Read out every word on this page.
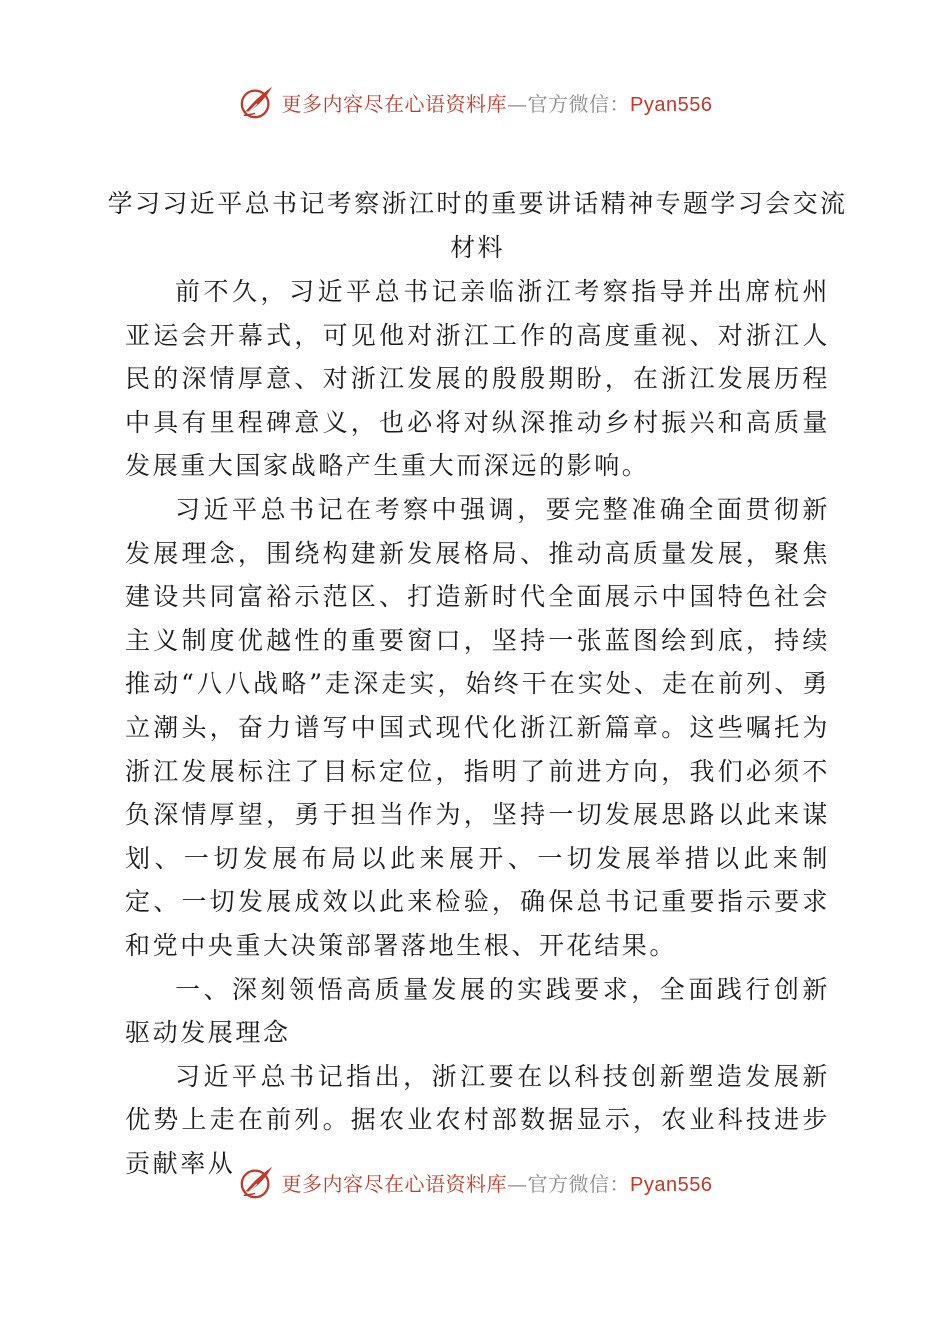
更多内容尽在心语资料库—官方微信：Pyan556
学习习近平总书记考察浙江时的重要讲话精神专题学习会交流材料

前不久，习近平总书记亲临浙江考察指导并出席杭州亚运会开幕式，可见他对浙江工作的高度重视、对浙江人民的深情厚意、对浙江发展的殷殷期盼，在浙江发展历程中具有里程碑意义，也必将对纵深推动乡村振兴和高质量发展重大国家战略产生重大而深远的影响。

习近平总书记在考察中强调，要完整准确全面贯彻新发展理念，围绕构建新发展格局、推动高质量发展，聚焦建设共同富裕示范区、打造新时代全面展示中国特色社会主义制度优越性的重要窗口，坚持一张蓝图绘到底，持续推动“八八战略”走深走实，始终干在实处、走在前列、勇立潮头，奋力谱写中国式现代化浙江新篇章。这些嘱托为浙江发展标注了目标定位，指明了前进方向，我们必须不负深情厚望，勇于担当作为，坚持一切发展思路以此来谋划、一切发展布局以此来展开、一切发展举措以此来制定、一切发展成效以此来检验，确保总书记重要指示要求和党中央重大决策部署落地生根、开花结果。

一、深刻领悟高质量发展的实践要求，全面践行创新驱动发展理念

习近平总书记指出，浙江要在以科技创新塑造发展新优势上走在前列。据农业农村部数据显示，农业科技进步贡献率从

更多内容尽在心语资料库—官方微信：Pyan556
